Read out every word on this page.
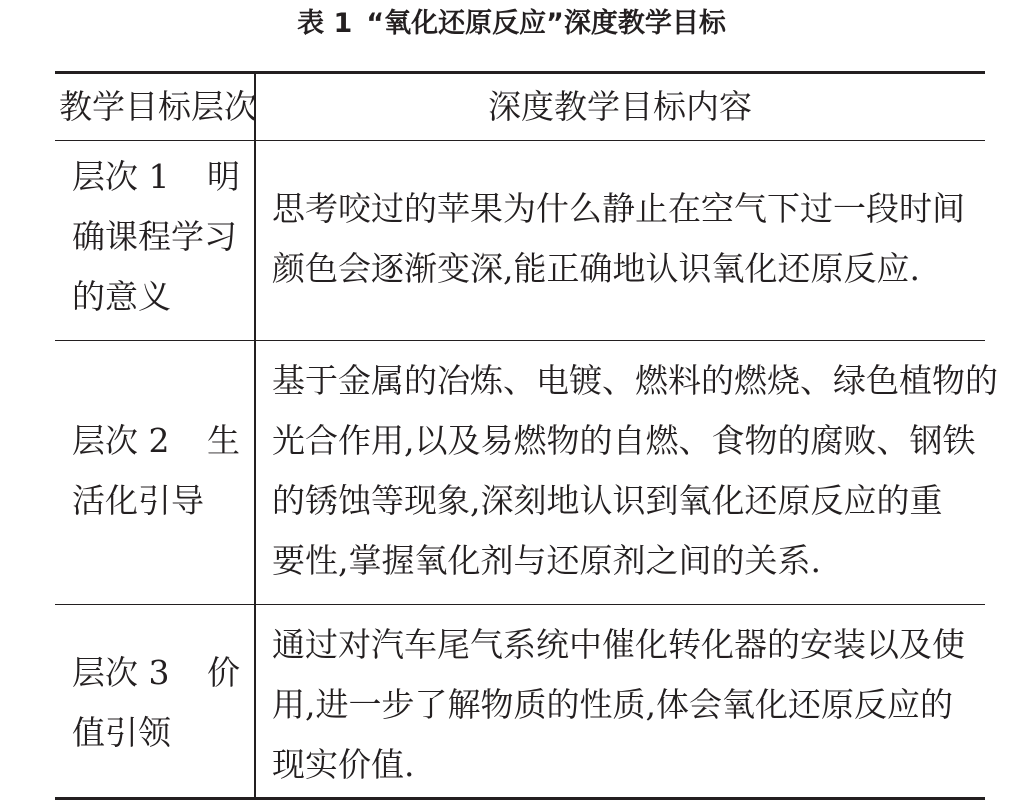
表 1 “氧化还原反应”深度教学目标
教学目标层次	深度教学目标内容
层次 1 明
确课程学习
的意义
思考咬过的苹果为什么静止在空气下过一段时间
颜色会逐渐变深,能正确地认识氧化还原反应.
层次 2 生
活化引导
基于金属的冶炼、电镀、燃料的燃烧、绿色植物的
光合作用,以及易燃物的自燃、食物的腐败、钢铁
的锈蚀等现象,深刻地认识到氧化还原反应的重
要性,掌握氧化剂与还原剂之间的关系.
层次 3 价
值引领
通过对汽车尾气系统中催化转化器的安装以及使
用,进一步了解物质的性质,体会氧化还原反应的
现实价值.
